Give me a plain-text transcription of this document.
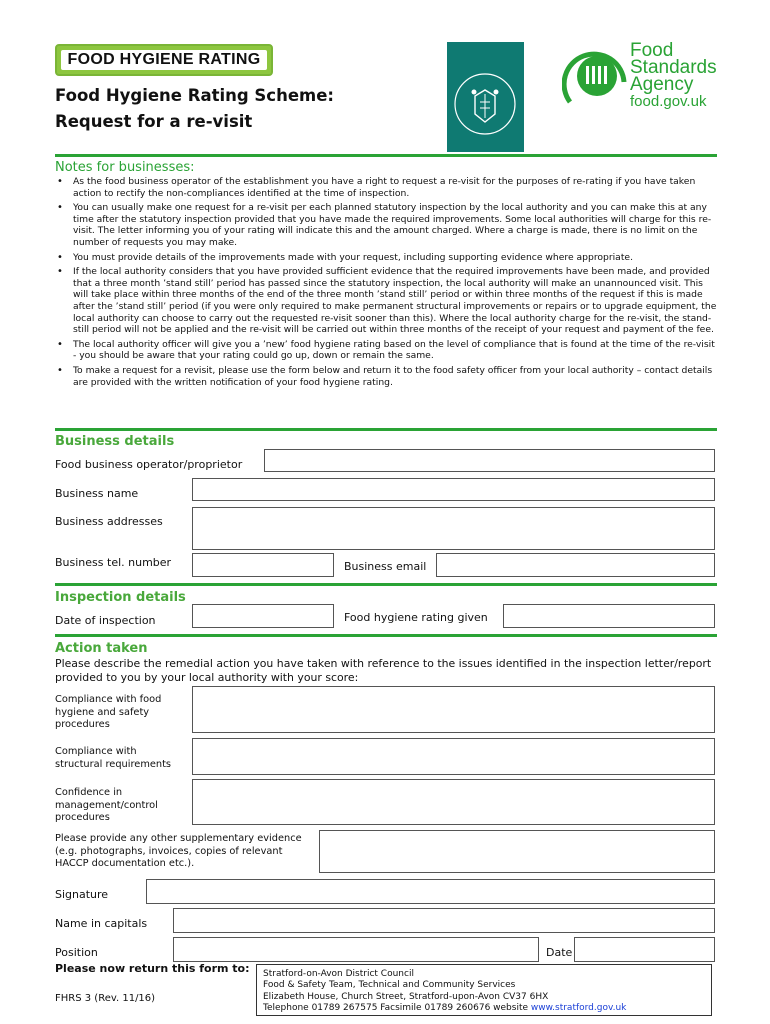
FOOD HYGIENE RATING
Food Hygiene Rating Scheme:
Request for a re-visit
Food
Standards
Agency
food.gov.uk
Notes for businesses:
• As the food business operator of the establishment you have a right to request a re-visit for the purposes of re-rating if you have taken action to rectify the non-compliances identified at the time of inspection.
• You can usually make one request for a re-visit per each planned statutory inspection by the local authority and you can make this at any time after the statutory inspection provided that you have made the required improvements. Some local authorities will charge for this re-visit. The letter informing you of your rating will indicate this and the amount charged. Where a charge is made, there is no limit on the number of requests you may make.
• You must provide details of the improvements made with your request, including supporting evidence where appropriate.
• If the local authority considers that you have provided sufficient evidence that the required improvements have been made, and provided that a three month ’stand still’ period has passed since the statutory inspection, the local authority will make an unannounced visit. This will take place within three months of the end of the three month ’stand still’ period or within three months of the request if this is made after the ’stand still’ period (if you were only required to make permanent structural improvements or repairs or to upgrade equipment, the local authority can choose to carry out the requested re-visit sooner than this). Where the local authority charge for the re-visit, the stand-still period will not be applied and the re-visit will be carried out within three months of the receipt of your request and payment of the fee.
• The local authority officer will give you a ’new’ food hygiene rating based on the level of compliance that is found at the time of the re-visit - you should be aware that your rating could go up, down or remain the same.
• To make a request for a revisit, please use the form below and return it to the food safety officer from your local authority – contact details are provided with the written notification of your food hygiene rating.
Business details
Food business operator/proprietor
Business name
Business addresses
Business tel. number	Business email
Inspection details
Date of inspection	Food hygiene rating given
Action taken
Please describe the remedial action you have taken with reference to the issues identified in the inspection letter/report provided to you by your local authority with your score:
Compliance with food hygiene and safety procedures
Compliance with structural requirements
Confidence in management/control procedures
Please provide any other supplementary evidence (e.g. photographs, invoices, copies of relevant HACCP documentation etc.).
Signature
Name in capitals
Position	Date
Please now return this form to:
FHRS 3 (Rev. 11/16)
Stratford-on-Avon District Council
Food & Safety Team, Technical and Community Services
Elizabeth House, Church Street, Stratford-upon-Avon CV37 6HX
Telephone 01789 267575 Facsimile 01789 260676 website www.stratford.gov.uk
